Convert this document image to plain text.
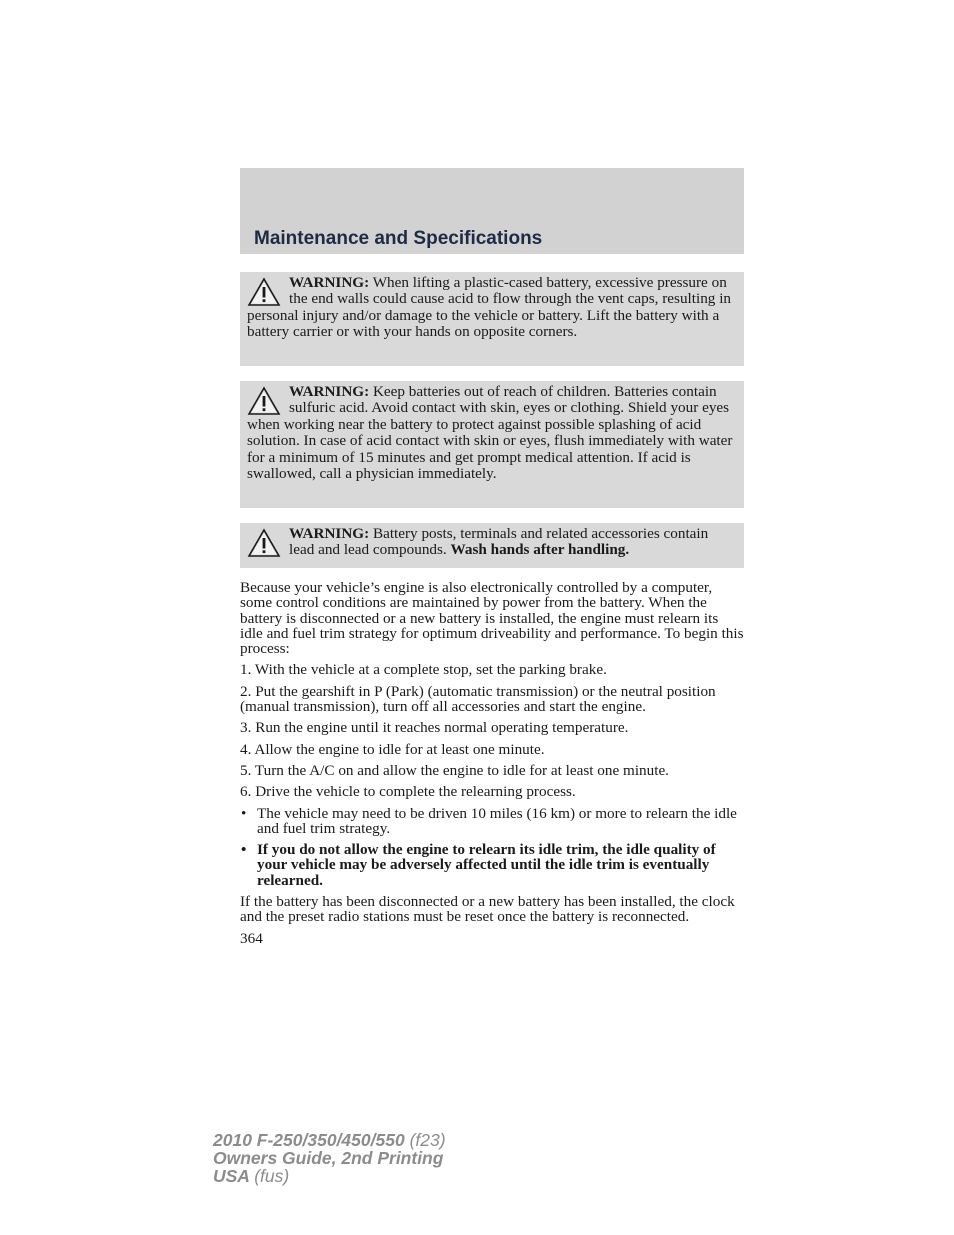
Maintenance and Specifications
WARNING: When lifting a plastic-cased battery, excessive pressure on the end walls could cause acid to flow through the vent caps, resulting in personal injury and/or damage to the vehicle or battery. Lift the battery with a battery carrier or with your hands on opposite corners.
WARNING: Keep batteries out of reach of children. Batteries contain sulfuric acid. Avoid contact with skin, eyes or clothing. Shield your eyes when working near the battery to protect against possible splashing of acid solution. In case of acid contact with skin or eyes, flush immediately with water for a minimum of 15 minutes and get prompt medical attention. If acid is swallowed, call a physician immediately.
WARNING: Battery posts, terminals and related accessories contain lead and lead compounds. Wash hands after handling.

Because your vehicle’s engine is also electronically controlled by a computer, some control conditions are maintained by power from the battery. When the battery is disconnected or a new battery is installed, the engine must relearn its idle and fuel trim strategy for optimum driveability and performance. To begin this process:

1. With the vehicle at a complete stop, set the parking brake.

2. Put the gearshift in P (Park) (automatic transmission) or the neutral position (manual transmission), turn off all accessories and start the engine.

3. Run the engine until it reaches normal operating temperature.

4. Allow the engine to idle for at least one minute.

5. Turn the A/C on and allow the engine to idle for at least one minute.

6. Drive the vehicle to complete the relearning process.

• The vehicle may need to be driven 10 miles (16 km) or more to relearn the idle and fuel trim strategy.
• If you do not allow the engine to relearn its idle trim, the idle quality of your vehicle may be adversely affected until the idle trim is eventually relearned.

If the battery has been disconnected or a new battery has been installed, the clock and the preset radio stations must be reset once the battery is reconnected.

364
2010 F-250/350/450/550 (f23)
Owners Guide, 2nd Printing
USA (fus)
